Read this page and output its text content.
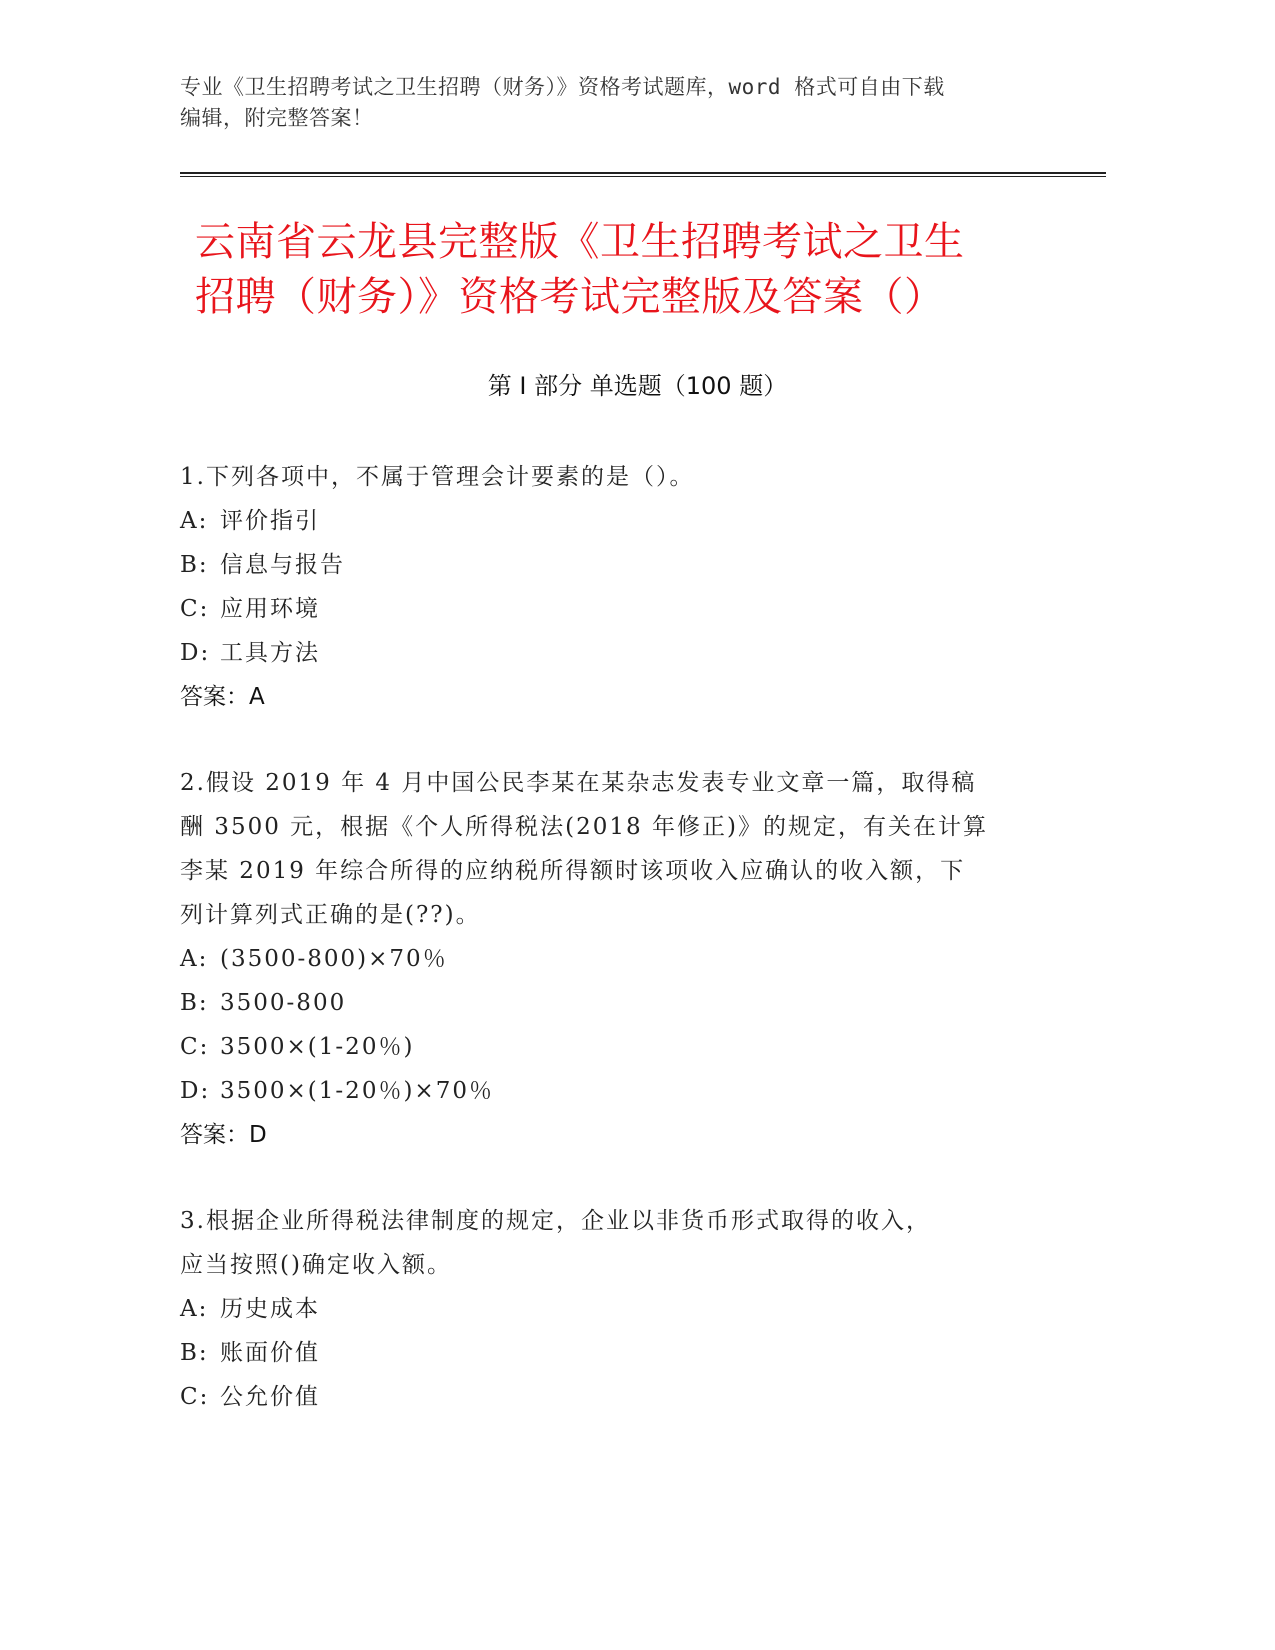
专业《卫生招聘考试之卫生招聘（财务）》资格考试题库，word 格式可自由下载
编辑，附完整答案！
云南省云龙县完整版《卫生招聘考试之卫生
招聘（财务）》资格考试完整版及答案（）
第 I 部分 单选题（100 题）

1.下列各项中，不属于管理会计要素的是（）。

A: 评价指引

B: 信息与报告

C: 应用环境

D: 工具方法

答案：A

2.假设 2019 年 4 月中国公民李某在某杂志发表专业文章一篇，取得稿

酬 3500 元，根据《个人所得税法(2018 年修正)》的规定，有关在计算

李某 2019 年综合所得的应纳税所得额时该项收入应确认的收入额，下

列计算列式正确的是(??)。

A: (3500-800)×70％

B: 3500-800

C: 3500×(1-20％)

D: 3500×(1-20％)×70％

答案：D

3.根据企业所得税法律制度的规定，企业以非货币形式取得的收入，

应当按照()确定收入额。

A: 历史成本

B: 账面价值

C: 公允价值
